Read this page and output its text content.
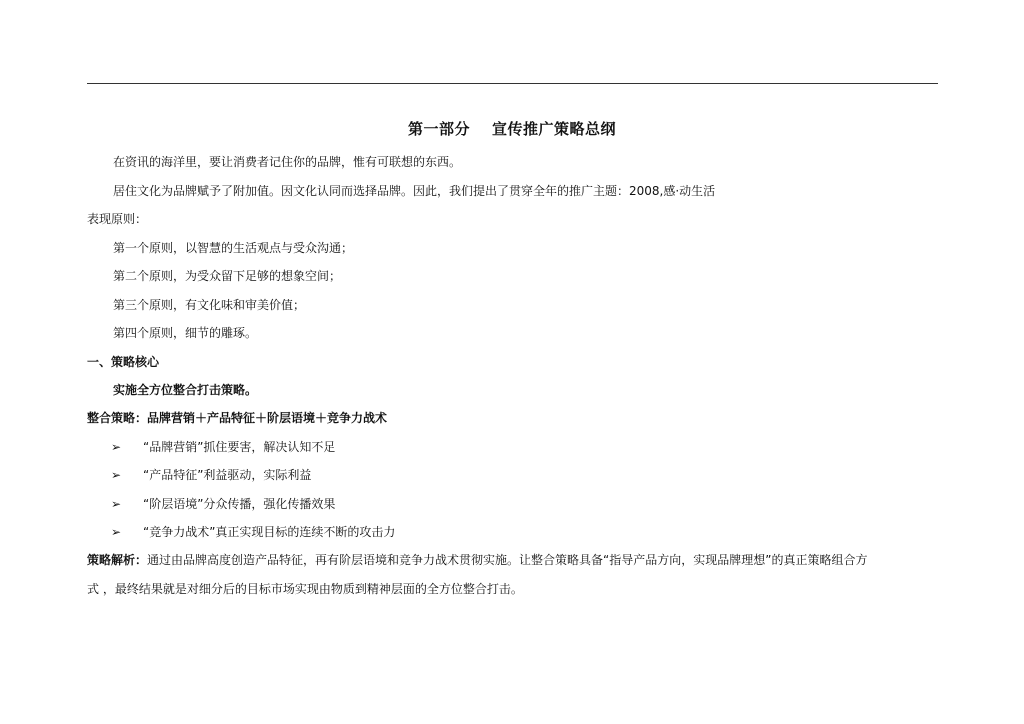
第一部分 宣传推广策略总纲
在资讯的海洋里，要让消费者记住你的品牌，惟有可联想的东西。
居住文化为品牌赋予了附加值。因文化认同而选择品牌。因此，我们提出了贯穿全年的推广主题：2008,感·动生活
表现原则：
第一个原则，以智慧的生活观点与受众沟通；
第二个原则，为受众留下足够的想象空间；
第三个原则，有文化味和审美价值；
第四个原则，细节的雕琢。
一、策略核心
实施全方位整合打击策略。
整合策略：品牌营销＋产品特征＋阶层语境＋竞争力战术
➢ “品牌营销”抓住要害，解决认知不足
➢ “产品特征”利益驱动，实际利益
➢ “阶层语境”分众传播，强化传播效果
➢ “竞争力战术”真正实现目标的连续不断的攻击力
策略解析：通过由品牌高度创造产品特征，再有阶层语境和竞争力战术贯彻实施。让整合策略具备“指导产品方向，实现品牌理想”的真正策略组合方
式 ，最终结果就是对细分后的目标市场实现由物质到精神层面的全方位整合打击。
